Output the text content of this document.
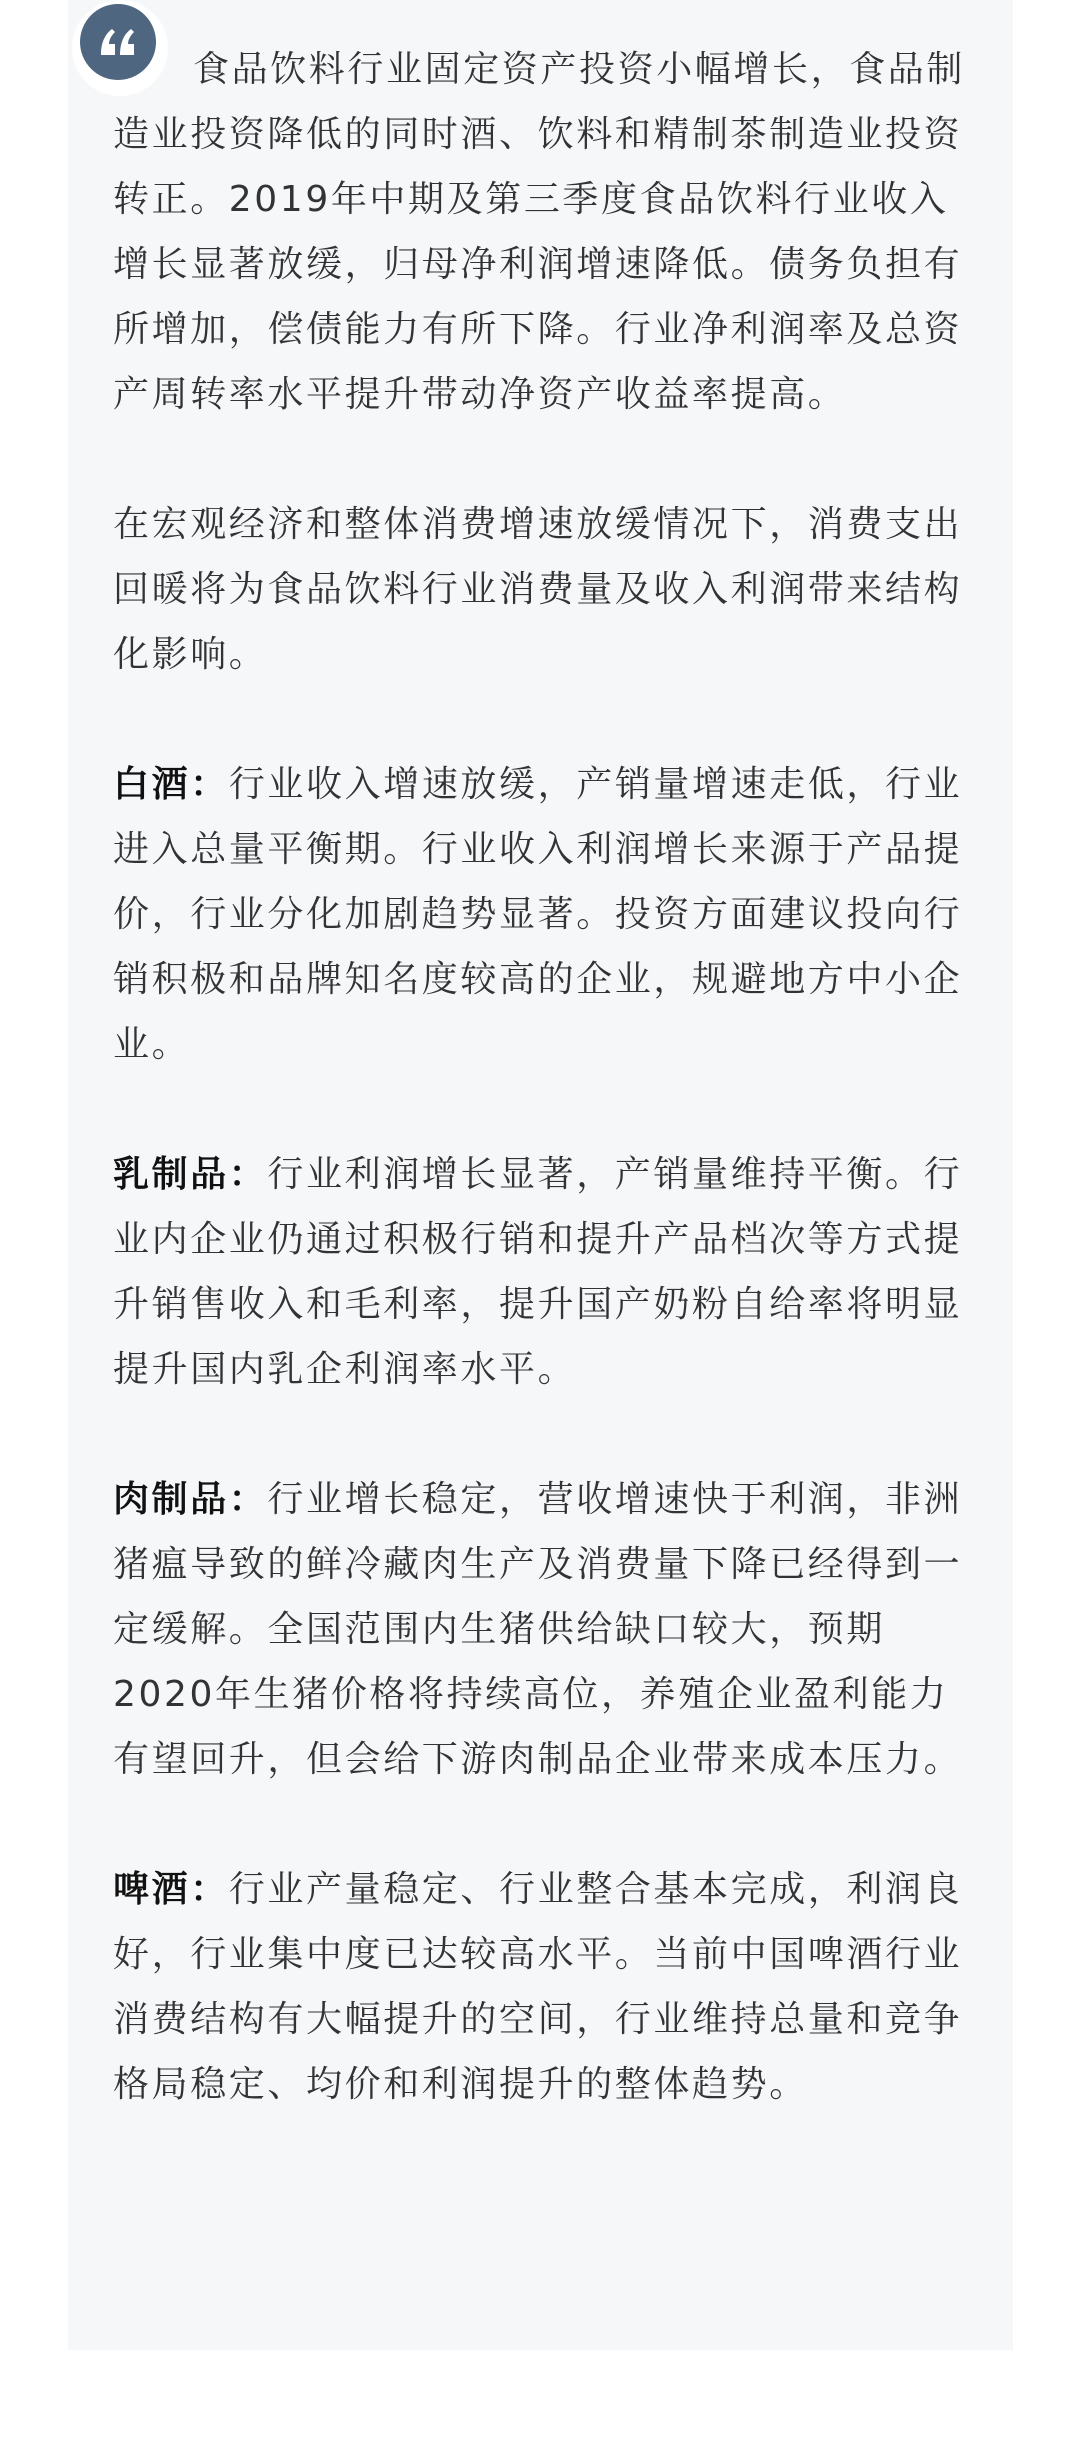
食品饮料行业固定资产投资小幅增长，食品制造业投资降低的同时酒、饮料和精制茶制造业投资转正。2019年中期及第三季度食品饮料行业收入增长显著放缓，归母净利润增速降低。债务负担有所增加，偿债能力有所下降。行业净利润率及总资产周转率水平提升带动净资产收益率提高。

在宏观经济和整体消费增速放缓情况下，消费支出回暖将为食品饮料行业消费量及收入利润带来结构化影响。

白酒：行业收入增速放缓，产销量增速走低，行业进入总量平衡期。行业收入利润增长来源于产品提价，行业分化加剧趋势显著。投资方面建议投向行销积极和品牌知名度较高的企业，规避地方中小企业。

乳制品：行业利润增长显著，产销量维持平衡。行业内企业仍通过积极行销和提升产品档次等方式提升销售收入和毛利率，提升国产奶粉自给率将明显提升国内乳企利润率水平。

肉制品：行业增长稳定，营收增速快于利润，非洲猪瘟导致的鲜冷藏肉生产及消费量下降已经得到一定缓解。全国范围内生猪供给缺口较大，预期2020年生猪价格将持续高位，养殖企业盈利能力有望回升，但会给下游肉制品企业带来成本压力。

啤酒：行业产量稳定、行业整合基本完成，利润良好，行业集中度已达较高水平。当前中国啤酒行业消费结构有大幅提升的空间，行业维持总量和竞争格局稳定、均价和利润提升的整体趋势。
